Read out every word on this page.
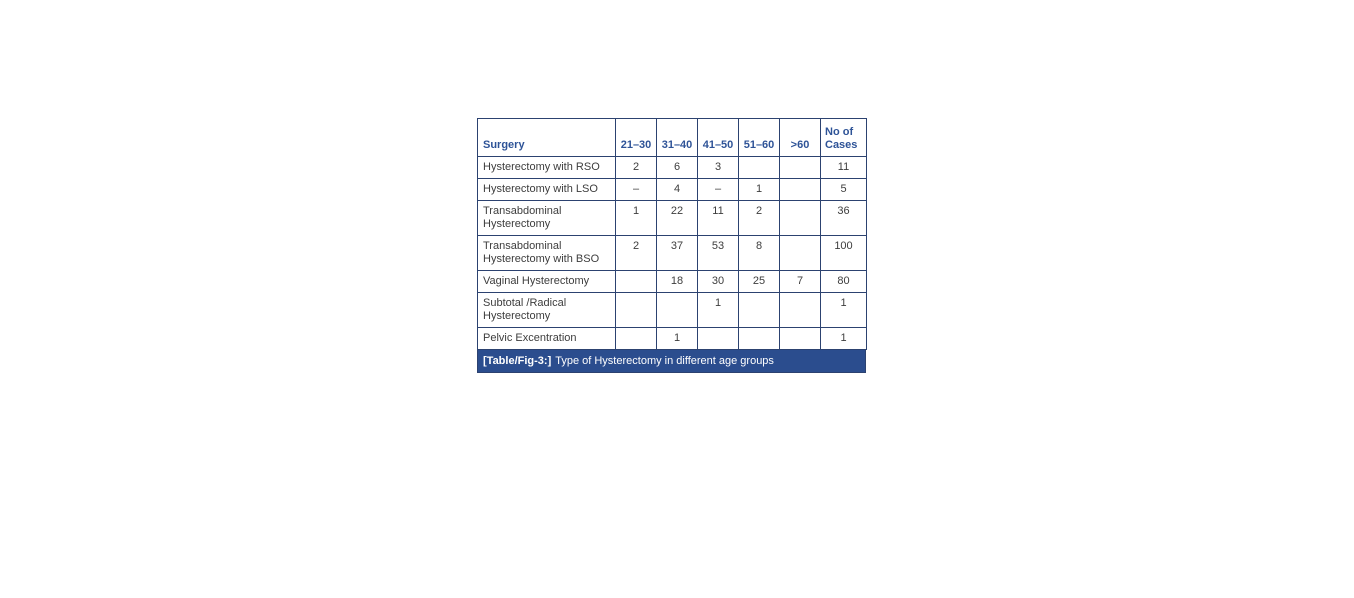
Surgery	21–30	31–40	41–50	51–60	>60	No of Cases
Hysterectomy with RSO	2	6	3			11
Hysterectomy with LSO	–	4	–	1		5
Transabdominal Hysterectomy	1	22	11	2		36
Transabdominal Hysterectomy with BSO	2	37	53	8		100
Vaginal Hysterectomy		18	30	25	7	80
Subtotal /Radical Hysterectomy			1			1
Pelvic Excentration		1				1
[Table/Fig-3:] Type of Hysterectomy in different age groups
